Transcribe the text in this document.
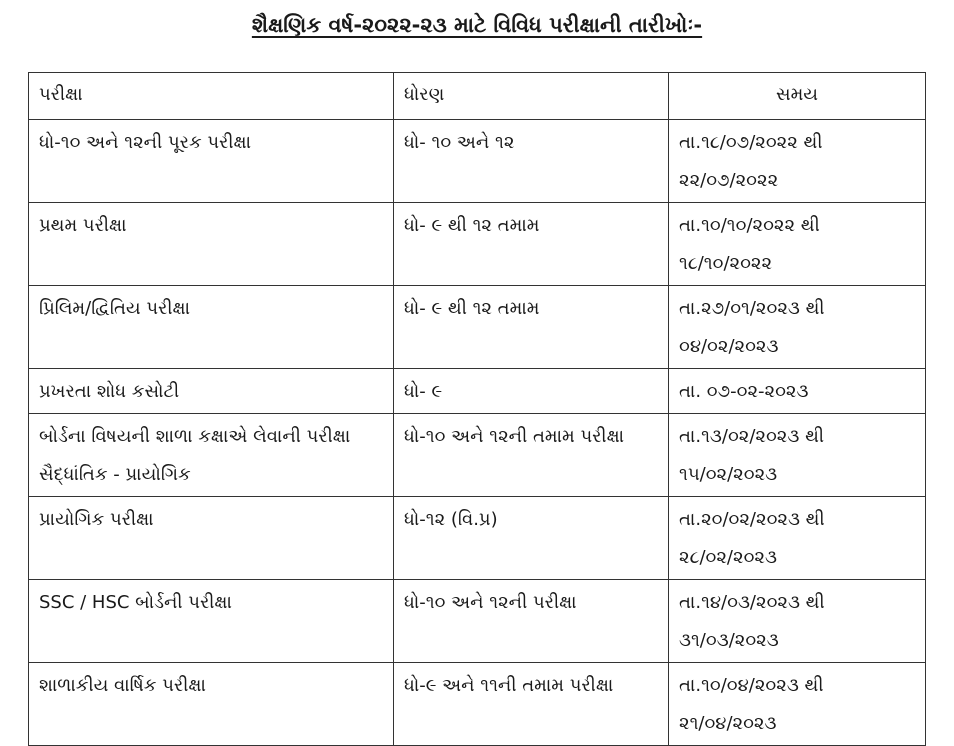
શૈક્ષણિક વર્ષ-૨૦૨૨-૨૩ માટે વિવિધ પરીક્ષાની તારીખોઃ-
પરીક્ષા	ધોરણ	સમય
ધો-૧૦ અને ૧૨ની પૂરક પરીક્ષા	ધો- ૧૦ અને ૧૨	તા.૧૮/૦૭/૨૦૨૨ થી ૨૨/૦૭/૨૦૨૨
પ્રથમ પરીક્ષા	ધો- ૯ થી ૧૨ તમામ	તા.૧૦/૧૦/૨૦૨૨ થી ૧૮/૧૦/૨૦૨૨
પ્રિલિમ/દ્વિતિય પરીક્ષા	ધો- ૯ થી ૧૨ તમામ	તા.૨૭/૦૧/૨૦૨૩ થી ૦૪/૦૨/૨૦૨૩
પ્રખરતા શોધ કસોટી	ધો- ૯	તા. ૦૭-૦૨-૨૦૨૩
બોર્ડના વિષયની શાળા કક્ષાએ લેવાની પરીક્ષા સૈદ્ધાંતિક - પ્રાયોગિક	ધો-૧૦ અને ૧૨ની તમામ પરીક્ષા	તા.૧૩/૦૨/૨૦૨૩ થી ૧૫/૦૨/૨૦૨૩
પ્રાયોગિક પરીક્ષા	ધો-૧૨ (વિ.પ્ર)	તા.૨૦/૦૨/૨૦૨૩ થી ૨૮/૦૨/૨૦૨૩
SSC / HSC બોર્ડની પરીક્ષા	ધો-૧૦ અને ૧૨ની પરીક્ષા	તા.૧૪/૦૩/૨૦૨૩ થી ૩૧/૦૩/૨૦૨૩
શાળાકીય વાર્ષિક પરીક્ષા	ધો-૯ અને ૧૧ની તમામ પરીક્ષા	તા.૧૦/૦૪/૨૦૨૩ થી ૨૧/૦૪/૨૦૨૩
